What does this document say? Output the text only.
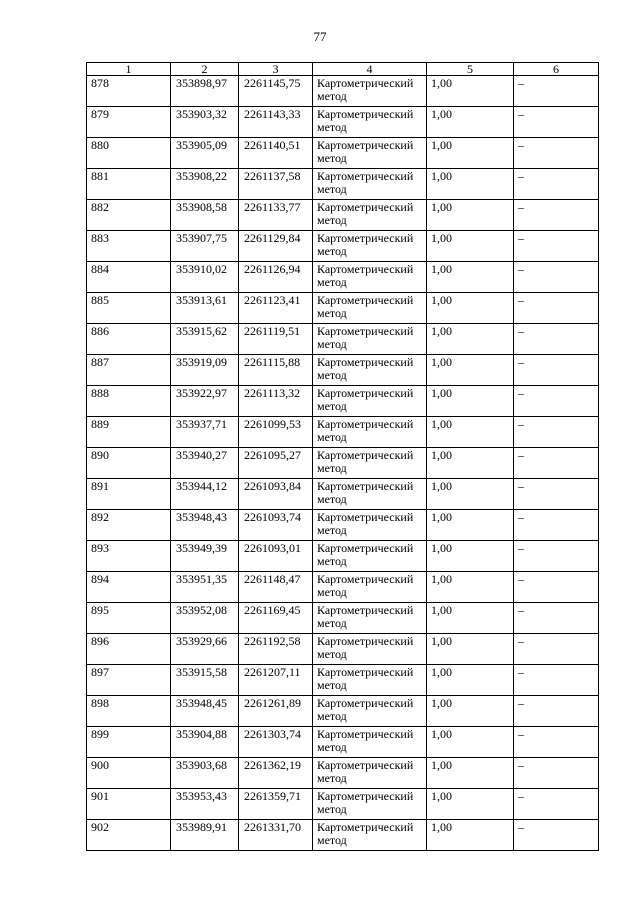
77
1	2	3	4	5	6
878	353898,97	2261145,75	Картометрический метод	1,00	–
879	353903,32	2261143,33	Картометрический метод	1,00	–
880	353905,09	2261140,51	Картометрический метод	1,00	–
881	353908,22	2261137,58	Картометрический метод	1,00	–
882	353908,58	2261133,77	Картометрический метод	1,00	–
883	353907,75	2261129,84	Картометрический метод	1,00	–
884	353910,02	2261126,94	Картометрический метод	1,00	–
885	353913,61	2261123,41	Картометрический метод	1,00	–
886	353915,62	2261119,51	Картометрический метод	1,00	–
887	353919,09	2261115,88	Картометрический метод	1,00	–
888	353922,97	2261113,32	Картометрический метод	1,00	–
889	353937,71	2261099,53	Картометрический метод	1,00	–
890	353940,27	2261095,27	Картометрический метод	1,00	–
891	353944,12	2261093,84	Картометрический метод	1,00	–
892	353948,43	2261093,74	Картометрический метод	1,00	–
893	353949,39	2261093,01	Картометрический метод	1,00	–
894	353951,35	2261148,47	Картометрический метод	1,00	–
895	353952,08	2261169,45	Картометрический метод	1,00	–
896	353929,66	2261192,58	Картометрический метод	1,00	–
897	353915,58	2261207,11	Картометрический метод	1,00	–
898	353948,45	2261261,89	Картометрический метод	1,00	–
899	353904,88	2261303,74	Картометрический метод	1,00	–
900	353903,68	2261362,19	Картометрический метод	1,00	–
901	353953,43	2261359,71	Картометрический метод	1,00	–
902	353989,91	2261331,70	Картометрический метод	1,00	–
